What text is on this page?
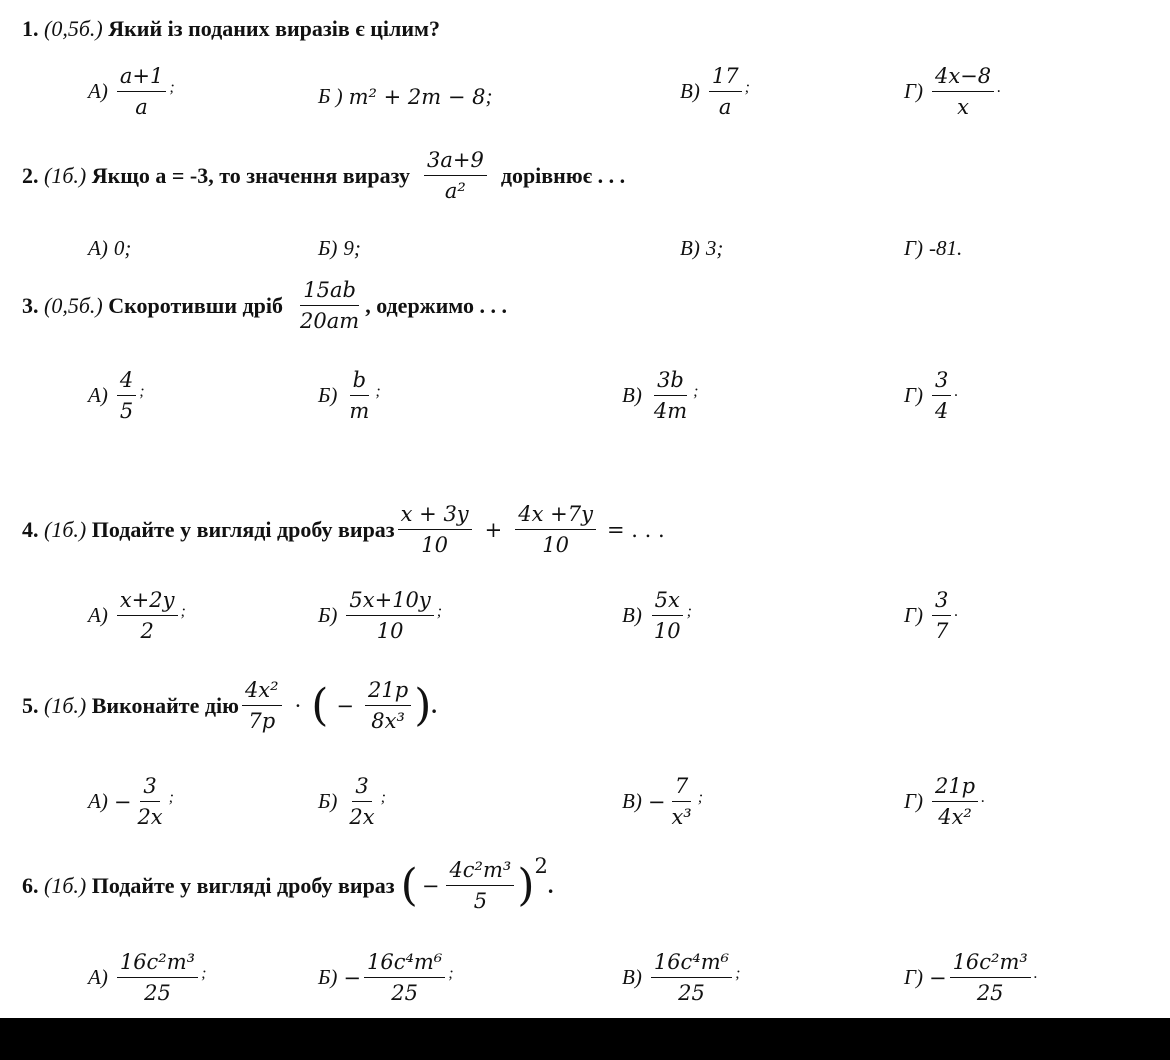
1.
(0,5б.)
Який із поданих виразів є цілим?
$А) \frac{a+1}{a}$ ;	Б ) m² + 2m − 8 ;	$В) \frac{17}{a}$ ;	$Г) \frac{4x-8}{x}$ .
2.
(1б.)
Якщо a = -3, то значення виразу
$\frac{3a+9}{\text{a²}}$
дорівнює . . .
А) 0;	Б) 9;	В) 3;	Г) -81.
3.
(0,5б.)
Скоротивши дріб
$\frac{15ab}{20am}$ , одержимо . . .
$А) \frac{4}{5}$ ;	$Б) \frac{b}{m}$ ;	$В) \frac{3b}{4m}$ ;	$Г) \frac{3}{4}$ .
4.
(1б.)
Подайте у вигляді дробу вираз $\frac{x + 3y}{10} + \frac{4x +7y}{10}$ = . . .
$А) \frac{x+2y}{2}$ ;	$Б) \frac{5x+10y}{10}$ ;	$В) \frac{5x}{10}$ ;	$Г) \frac{3}{7}$ .
5.
(1б.)
Виконайте дію $\frac{\text{4x²}}{7p}$ · ( − $\frac{21p}{\text{8x³}}$ ) .
$А) - \frac{3}{2x}$ ;	$Б) \frac{3}{2x}$ ;	$В) - \frac{7}{\text{x³}}$ ;	$Г) \frac{21p}{\text{4x²}}$ .
6.
(1б.)
Подайте у вигляді дробу вираз ( − $\frac{\text{4c²m³}}{5}$ ) 2
.
$А) \frac{\text{16c²m³}}{25}$ ;	$Б) - \frac{\text{16c⁴m⁶}}{25}$ ;	$В) \frac{\text{16c⁴m⁶}}{25}$ ;	$Г) - \frac{\text{16c²m³}}{25}$ .
